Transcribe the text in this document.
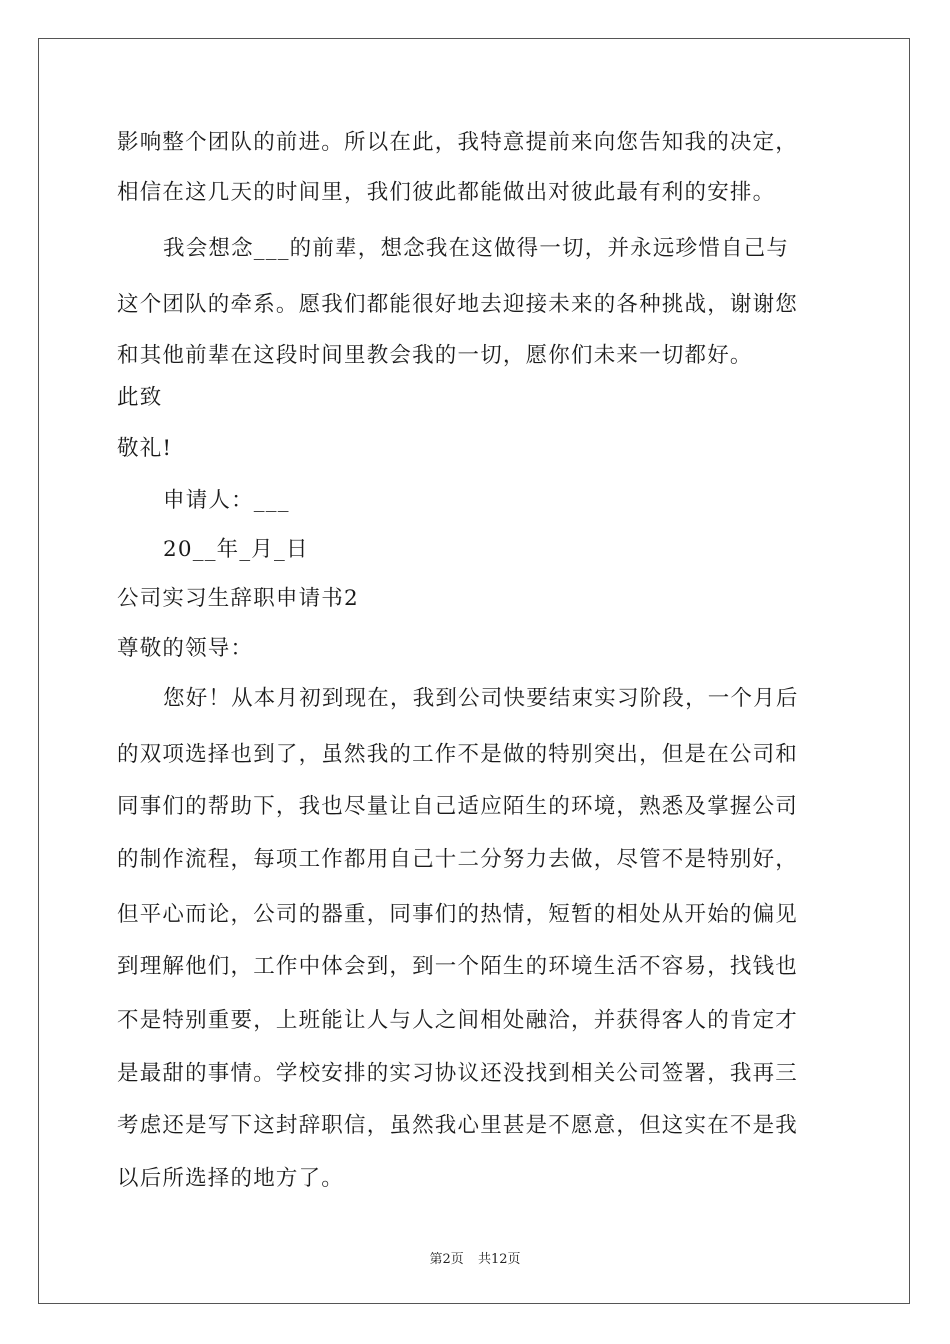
影响整个团队的前进。所以在此，我特意提前来向您告知我的决定，
相信在这几天的时间里，我们彼此都能做出对彼此最有利的安排。
我会想念___的前辈，想念我在这做得一切，并永远珍惜自己与
这个团队的牵系。愿我们都能很好地去迎接未来的各种挑战，谢谢您
和其他前辈在这段时间里教会我的一切，愿你们未来一切都好。
此致
敬礼!
申请人：___
20__年_月_日
公司实习生辞职申请书2
尊敬的领导：
您好！从本月初到现在，我到公司快要结束实习阶段，一个月后
的双项选择也到了，虽然我的工作不是做的特别突出，但是在公司和
同事们的帮助下，我也尽量让自己适应陌生的环境，熟悉及掌握公司
的制作流程，每项工作都用自己十二分努力去做，尽管不是特别好，
但平心而论，公司的器重，同事们的热情，短暂的相处从开始的偏见
到理解他们，工作中体会到，到一个陌生的环境生活不容易，找钱也
不是特别重要，上班能让人与人之间相处融洽，并获得客人的肯定才
是最甜的事情。学校安排的实习协议还没找到相关公司签署，我再三
考虑还是写下这封辞职信，虽然我心里甚是不愿意，但这实在不是我
以后所选择的地方了。
第2页 共12页
